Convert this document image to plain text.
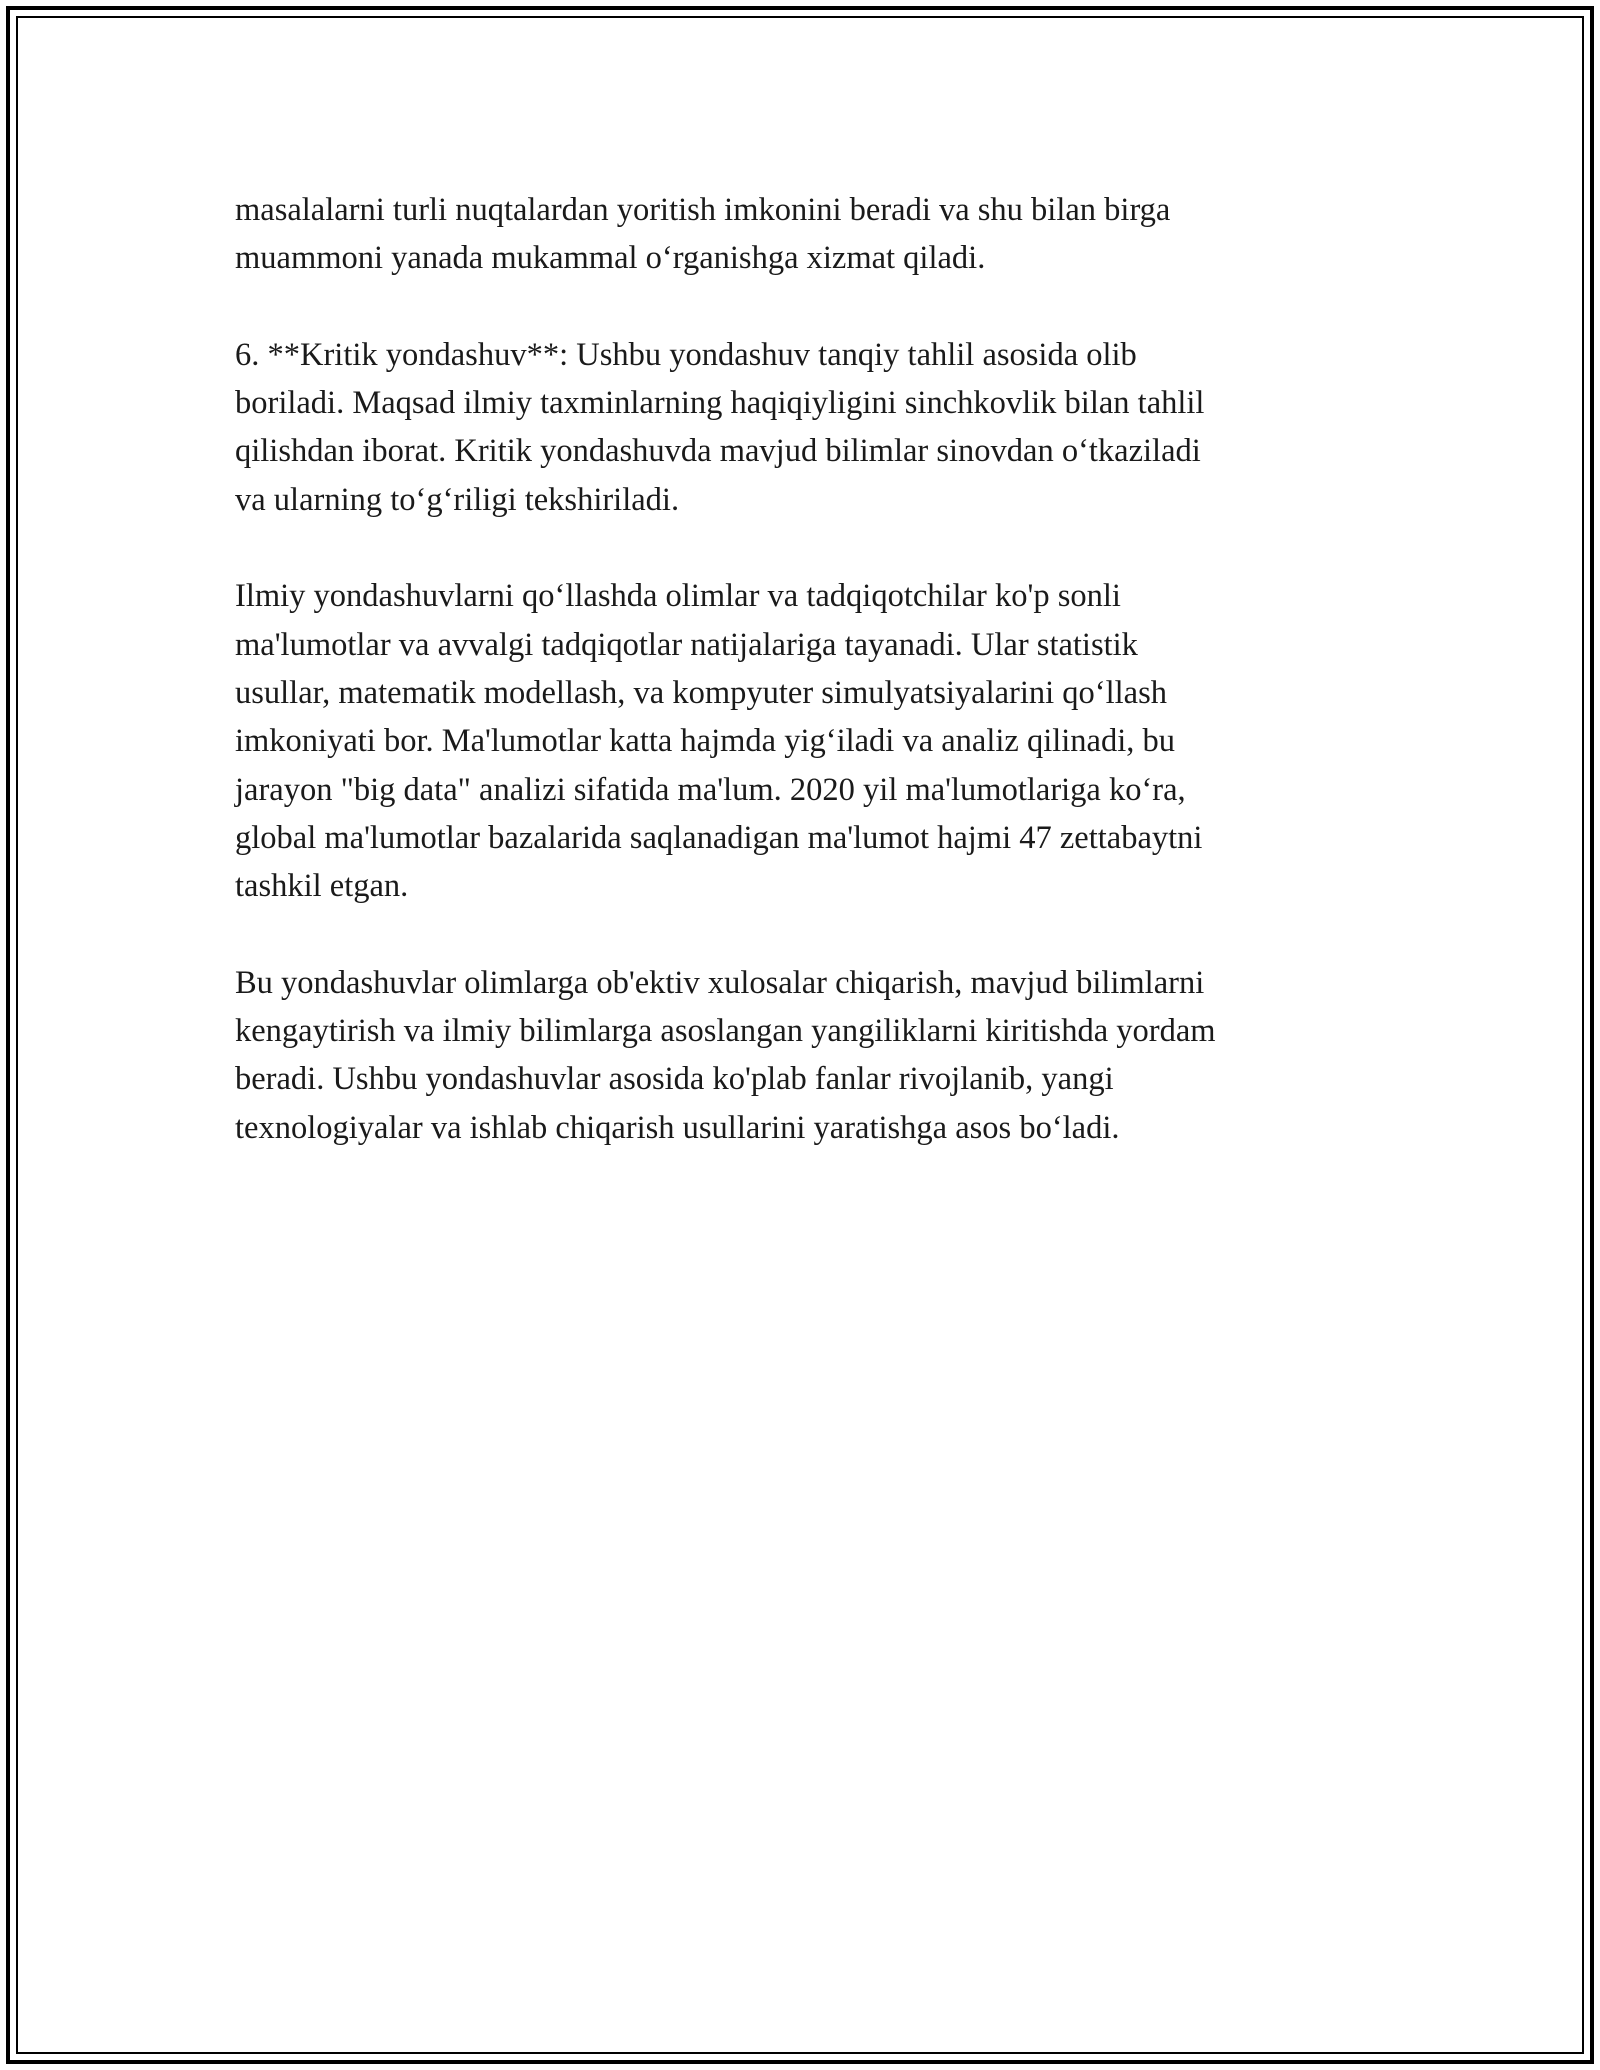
masalalarni turli nuqtalardan yoritish imkonini beradi va shu bilan birga
muammoni yanada mukammal o‘rganishga xizmat qiladi.

6. **Kritik yondashuv**: Ushbu yondashuv tanqiy tahlil asosida olib
boriladi. Maqsad ilmiy taxminlarning haqiqiyligini sinchkovlik bilan tahlil
qilishdan iborat. Kritik yondashuvda mavjud bilimlar sinovdan o‘tkaziladi
va ularning to‘g‘riligi tekshiriladi.

Ilmiy yondashuvlarni qo‘llashda olimlar va tadqiqotchilar ko'p sonli
ma'lumotlar va avvalgi tadqiqotlar natijalariga tayanadi. Ular statistik
usullar, matematik modellash, va kompyuter simulyatsiyalarini qo‘llash
imkoniyati bor. Ma'lumotlar katta hajmda yig‘iladi va analiz qilinadi, bu
jarayon "big data" analizi sifatida ma'lum. 2020 yil ma'lumotlariga ko‘ra,
global ma'lumotlar bazalarida saqlanadigan ma'lumot hajmi 47 zettabaytni
tashkil etgan.

Bu yondashuvlar olimlarga ob'ektiv xulosalar chiqarish, mavjud bilimlarni
kengaytirish va ilmiy bilimlarga asoslangan yangiliklarni kiritishda yordam
beradi. Ushbu yondashuvlar asosida ko'plab fanlar rivojlanib, yangi
texnologiyalar va ishlab chiqarish usullarini yaratishga asos bo‘ladi.
